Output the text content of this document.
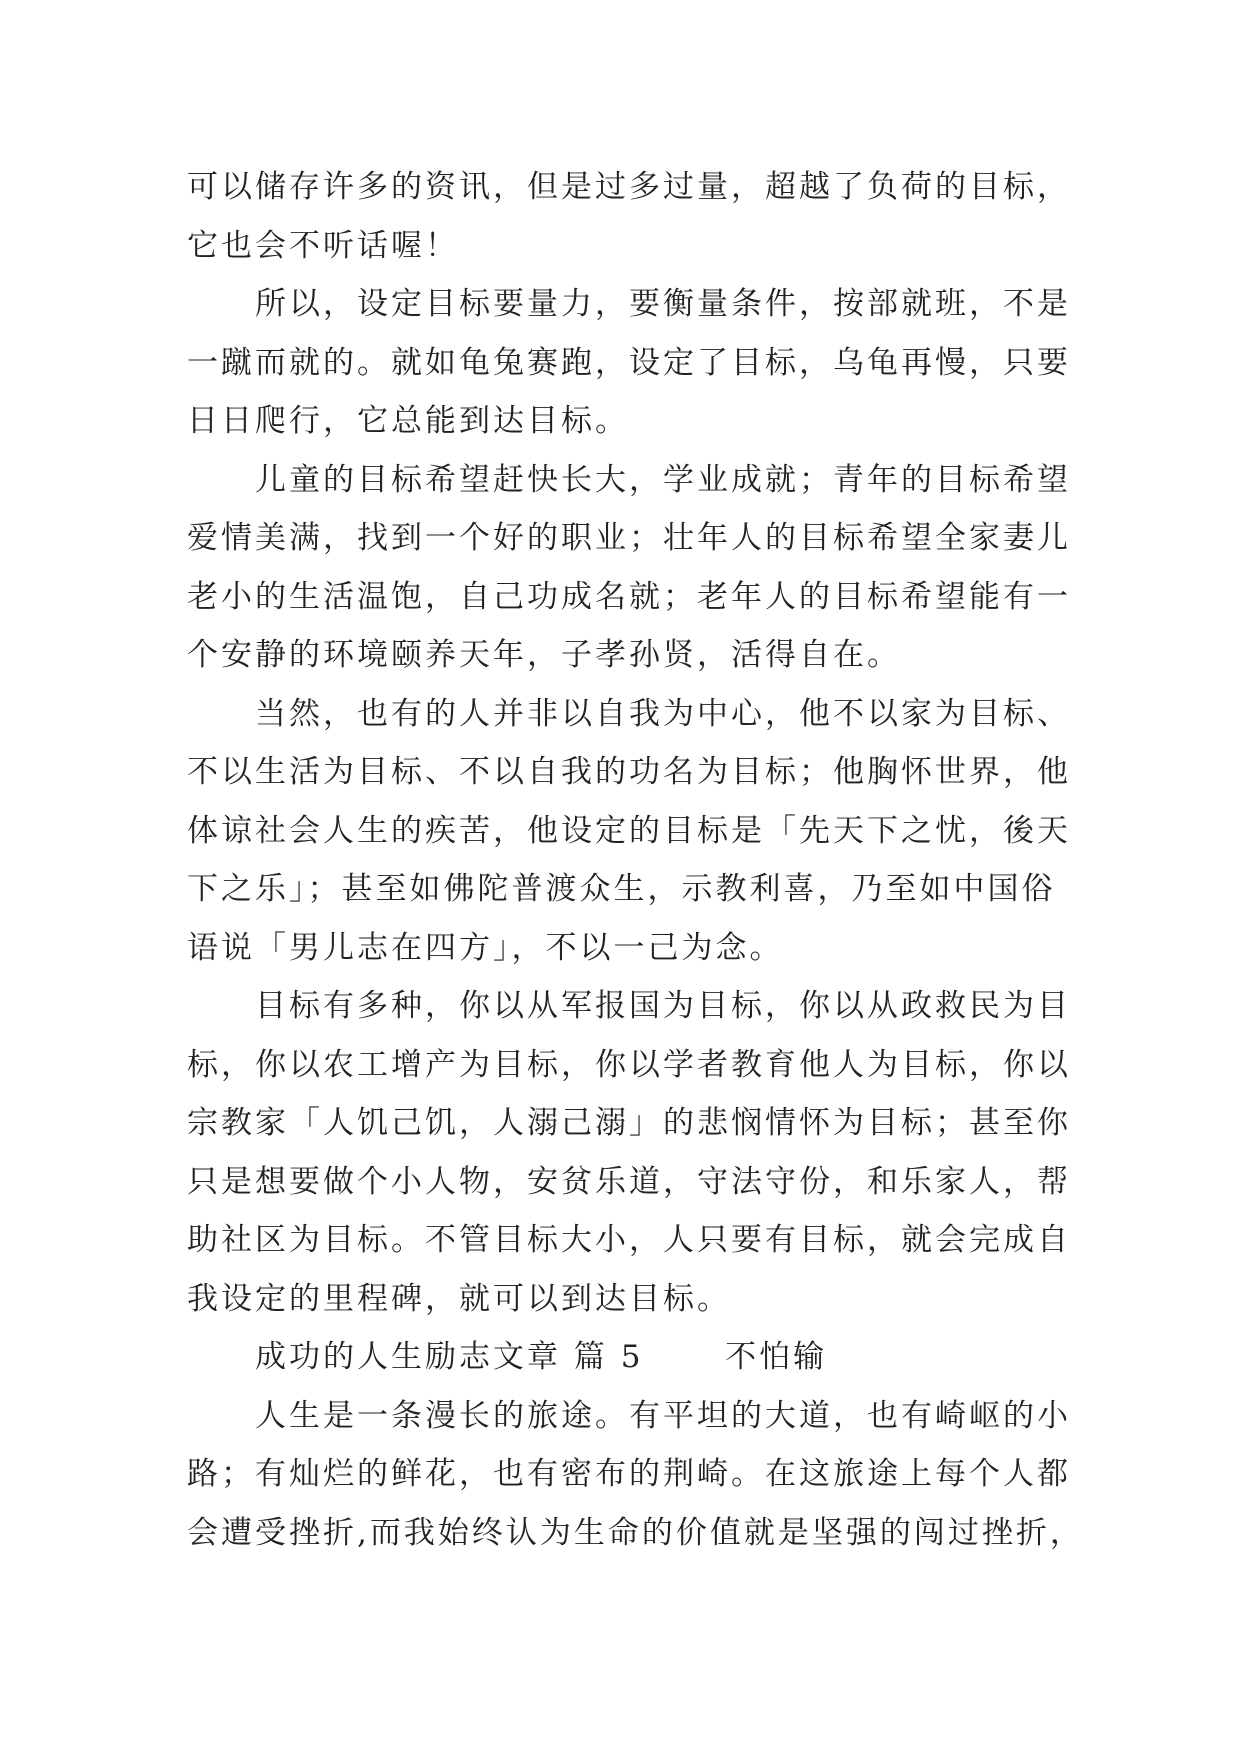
可以储存许多的资讯，但是过多过量，超越了负荷的目标，
它也会不听话喔！
所以，设定目标要量力，要衡量条件，按部就班，不是
一蹴而就的。就如龟兔赛跑，设定了目标，乌龟再慢，只要
日日爬行，它总能到达目标。
儿童的目标希望赶快长大，学业成就；青年的目标希望
爱情美满，找到一个好的职业；壮年人的目标希望全家妻儿
老小的生活温饱，自己功成名就；老年人的目标希望能有一
个安静的环境颐养天年，子孝孙贤，活得自在。
当然，也有的人并非以自我为中心，他不以家为目标、
不以生活为目标、不以自我的功名为目标；他胸怀世界，他
体谅社会人生的疾苦，他设定的目标是「先天下之忧，後天
下之乐」；甚至如佛陀普渡众生，示教利喜，乃至如中国俗
语说「男儿志在四方」，不以一己为念。
目标有多种，你以从军报国为目标，你以从政救民为目
标，你以农工增产为目标，你以学者教育他人为目标，你以
宗教家「人饥己饥，人溺己溺」的悲悯情怀为目标；甚至你
只是想要做个小人物，安贫乐道，守法守份，和乐家人，帮
助社区为目标。不管目标大小，人只要有目标，就会完成自
我设定的里程碑，就可以到达目标。
成功的人生励志文章 篇 5	不怕输
人生是一条漫长的旅途。有平坦的大道，也有崎岖的小
路；有灿烂的鲜花，也有密布的荆崎。在这旅途上每个人都
会遭受挫折,而我始终认为生命的价值就是坚强的闯过挫折，
